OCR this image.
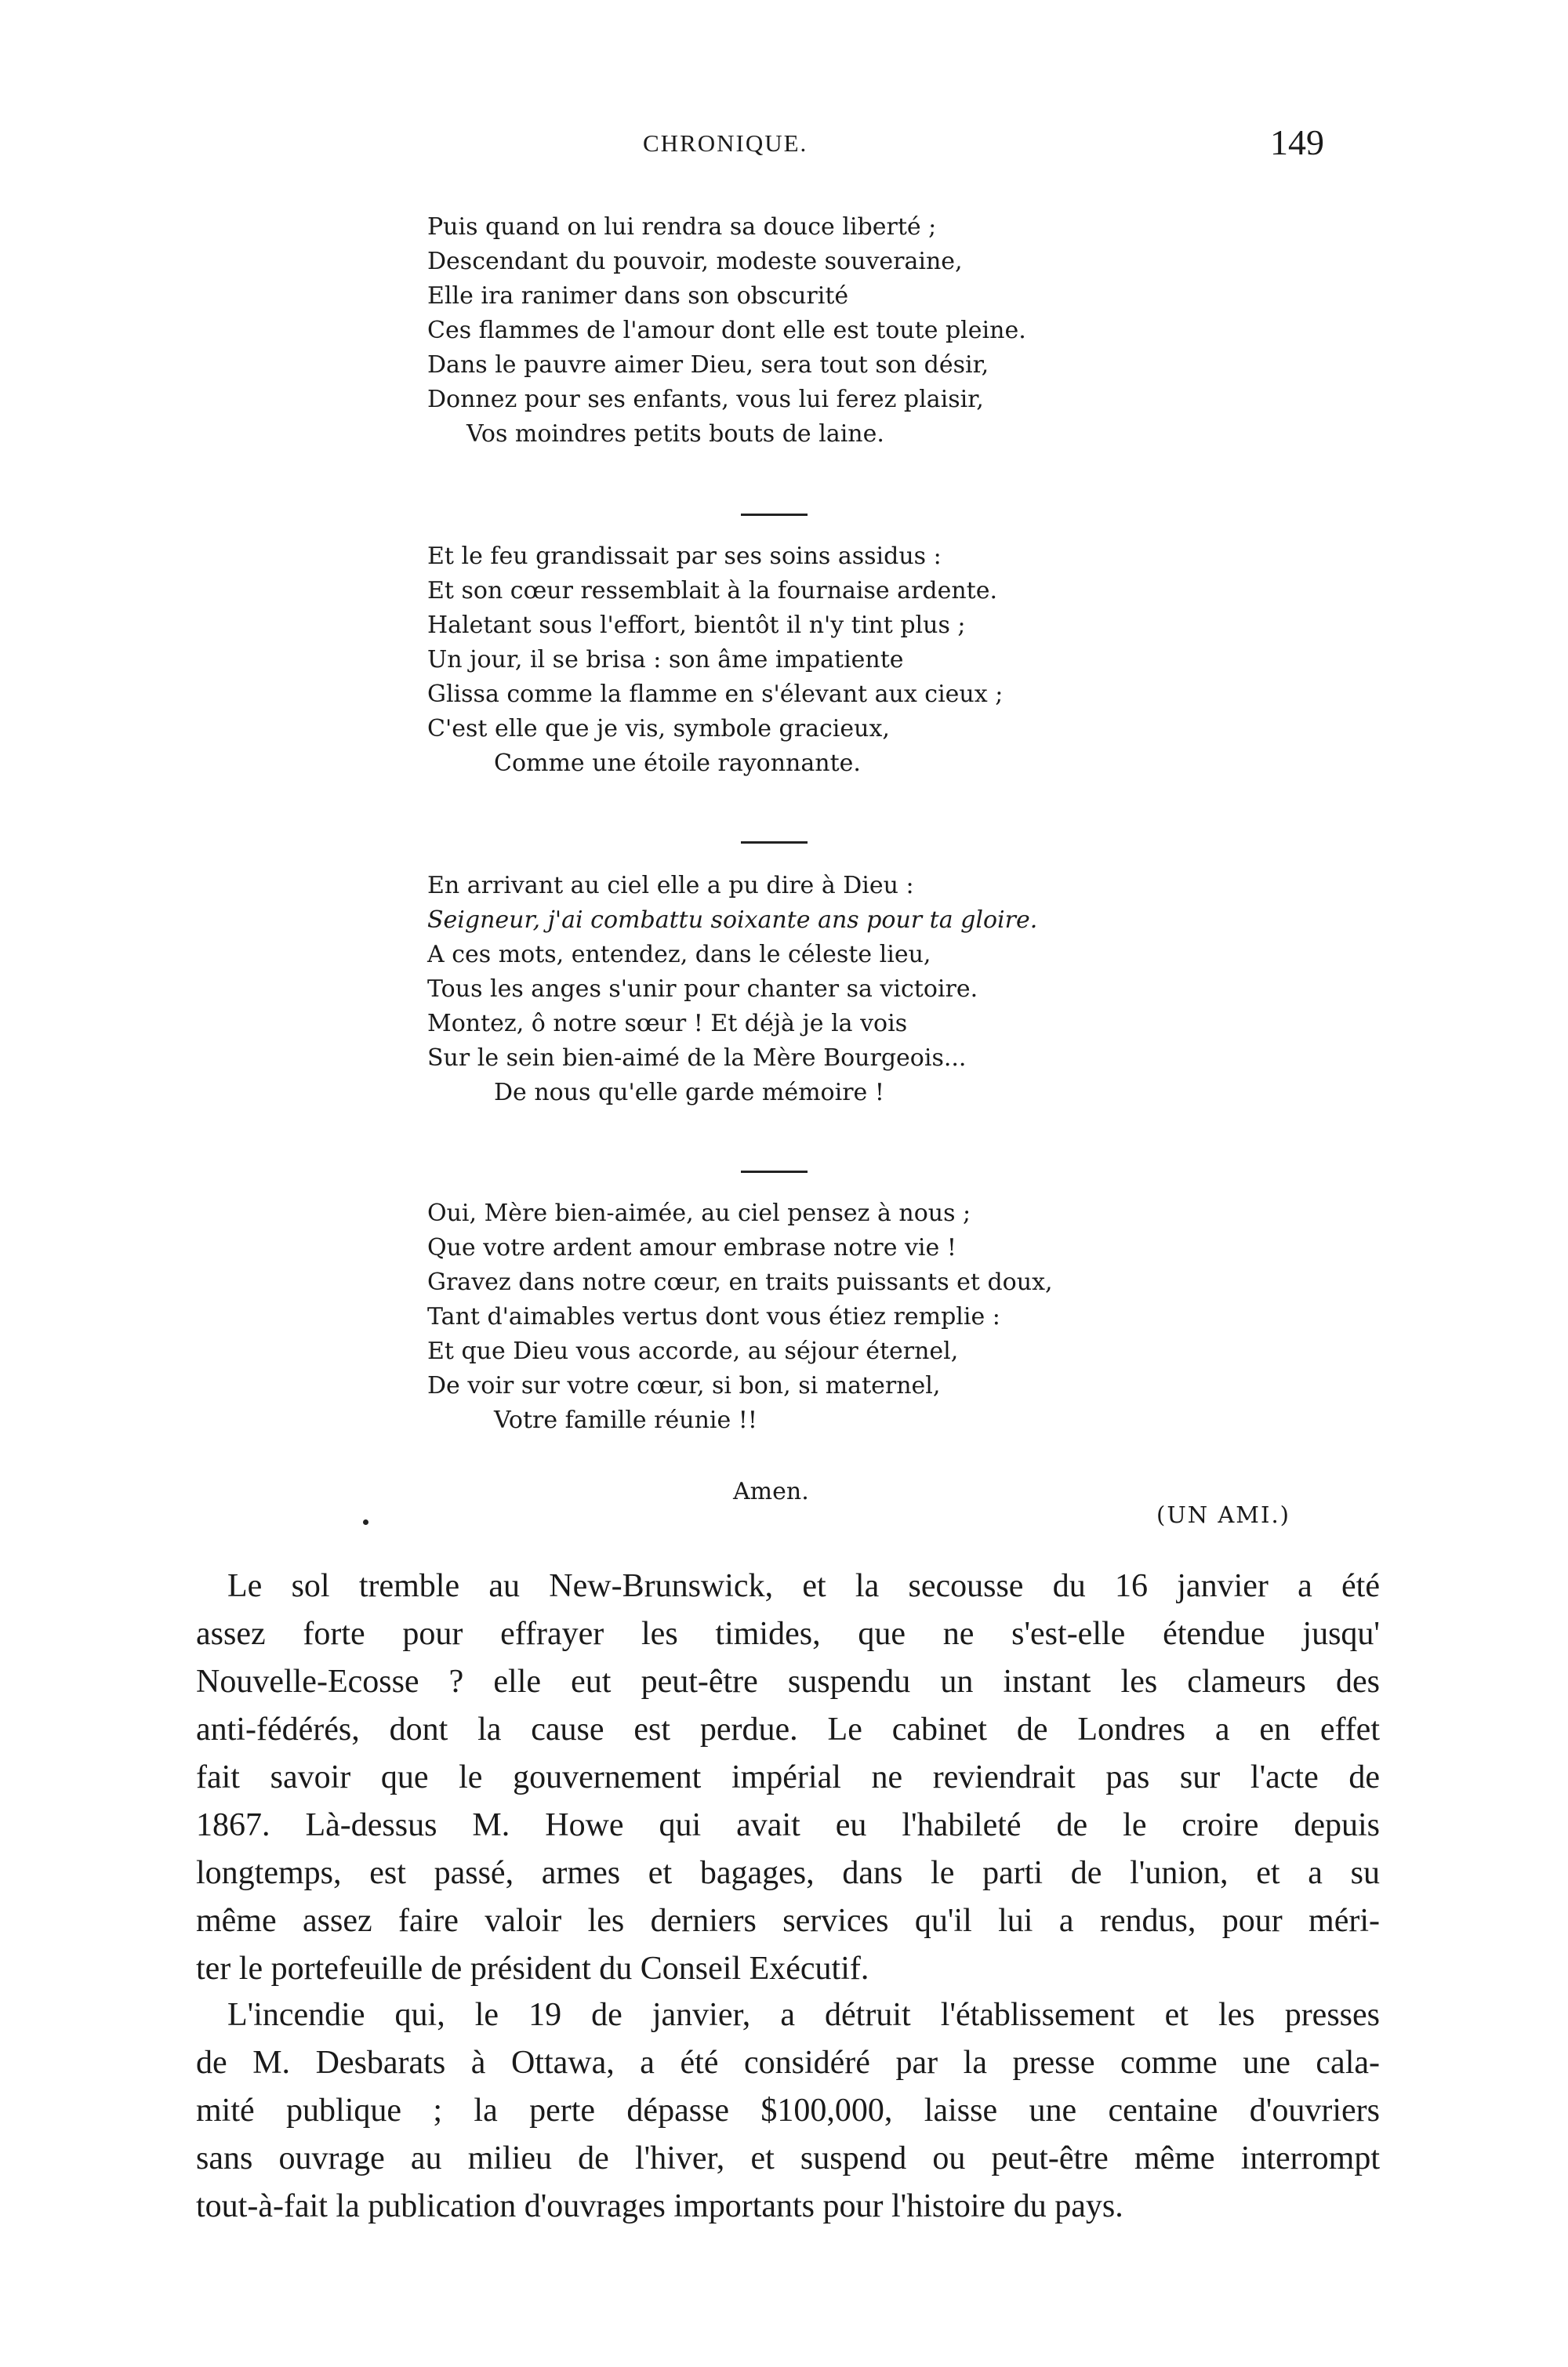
CHRONIQUE.	149
Puis quand on lui rendra sa douce liberté ;
Descendant du pouvoir, modeste souveraine,
Elle ira ranimer dans son obscurité
Ces flammes de l'amour dont elle est toute pleine.
Dans le pauvre aimer Dieu, sera tout son désir,
Donnez pour ses enfants, vous lui ferez plaisir,
Vos moindres petits bouts de laine.
Et le feu grandissait par ses soins assidus :
Et son cœur ressemblait à la fournaise ardente.
Haletant sous l'effort, bientôt il n'y tint plus ;
Un jour, il se brisa : son âme impatiente
Glissa comme la flamme en s'élevant aux cieux ;
C'est elle que je vis, symbole gracieux,
Comme une étoile rayonnante.
En arrivant au ciel elle a pu dire à Dieu :
Seigneur, j'ai combattu soixante ans pour ta gloire.
A ces mots, entendez, dans le céleste lieu,
Tous les anges s'unir pour chanter sa victoire.
Montez, ô notre sœur ! Et déjà je la vois
Sur le sein bien-aimé de la Mère Bourgeois...
De nous qu'elle garde mémoire !
Oui, Mère bien-aimée, au ciel pensez à nous ;
Que votre ardent amour embrase notre vie !
Gravez dans notre cœur, en traits puissants et doux,
Tant d'aimables vertus dont vous étiez remplie :
Et que Dieu vous accorde, au séjour éternel,
De voir sur votre cœur, si bon, si maternel,
Votre famille réunie !!
Amen.
(UN AMI.)
Le sol tremble au New-Brunswick, et la secousse du 16 janvier a été
assez forte pour effrayer les timides, que ne s'est-elle étendue jusqu'
Nouvelle-Ecosse ? elle eut peut-être suspendu un instant les clameurs des
anti-fédérés, dont la cause est perdue. Le cabinet de Londres a en effet
fait savoir que le gouvernement impérial ne reviendrait pas sur l'acte de
1867. Là-dessus M. Howe qui avait eu l'habileté de le croire depuis
longtemps, est passé, armes et bagages, dans le parti de l'union, et a su
même assez faire valoir les derniers services qu'il lui a rendus, pour méri-
ter le portefeuille de président du Conseil Exécutif.
L'incendie qui, le 19 de janvier, a détruit l'établissement et les presses
de M. Desbarats à Ottawa, a été considéré par la presse comme une cala-
mité publique ; la perte dépasse $100,000, laisse une centaine d'ouvriers
sans ouvrage au milieu de l'hiver, et suspend ou peut-être même interrompt
tout-à-fait la publication d'ouvrages importants pour l'histoire du pays.
